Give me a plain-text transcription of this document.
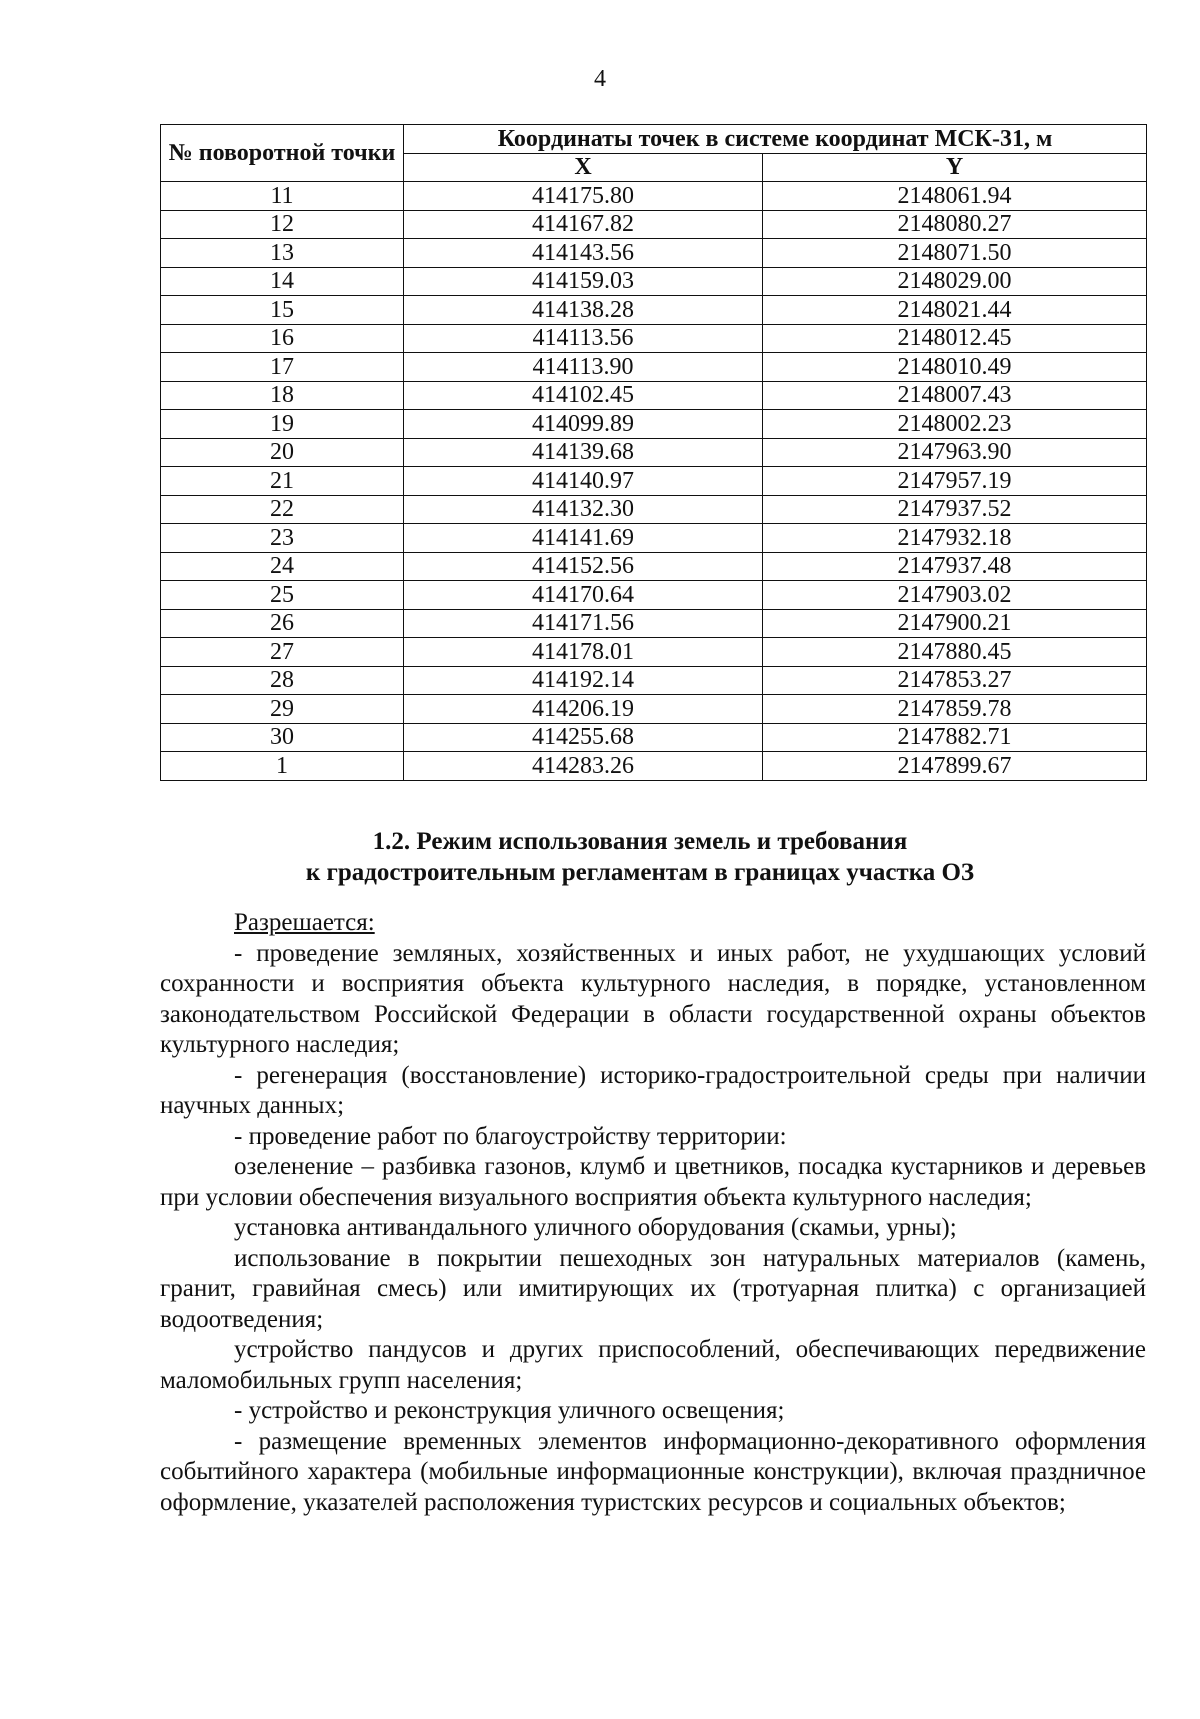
4
№ поворотной точки	Координаты точек в системе координат МСК-31, м	
	X	Y
11	414175.80	2148061.94
12	414167.82	2148080.27
13	414143.56	2148071.50
14	414159.03	2148029.00
15	414138.28	2148021.44
16	414113.56	2148012.45
17	414113.90	2148010.49
18	414102.45	2148007.43
19	414099.89	2148002.23
20	414139.68	2147963.90
21	414140.97	2147957.19
22	414132.30	2147937.52
23	414141.69	2147932.18
24	414152.56	2147937.48
25	414170.64	2147903.02
26	414171.56	2147900.21
27	414178.01	2147880.45
28	414192.14	2147853.27
29	414206.19	2147859.78
30	414255.68	2147882.71
1	414283.26	2147899.67
1.2. Режим использования земель и требования
к градостроительным регламентам в границах участка ОЗ

Разрешается:

- проведение земляных, хозяйственных и иных работ, не ухудшающих условий сохранности и восприятия объекта культурного наследия, в порядке, установленном законодательством Российской Федерации в области государственной охраны объектов культурного наследия;

- регенерация (восстановление) историко-градостроительной среды при наличии научных данных;

- проведение работ по благоустройству территории:

озеленение – разбивка газонов, клумб и цветников, посадка кустарников и деревьев при условии обеспечения визуального восприятия объекта культурного наследия;

установка антивандального уличного оборудования (скамьи, урны);

использование в покрытии пешеходных зон натуральных материалов (камень, гранит, гравийная смесь) или имитирующих их (тротуарная плитка) с организацией водоотведения;

устройство пандусов и других приспособлений, обеспечивающих передвижение маломобильных групп населения;

- устройство и реконструкция уличного освещения;

- размещение временных элементов информационно-декоративного оформления событийного характера (мобильные информационные конструкции), включая праздничное оформление, указателей расположения туристских ресурсов и социальных объектов;
